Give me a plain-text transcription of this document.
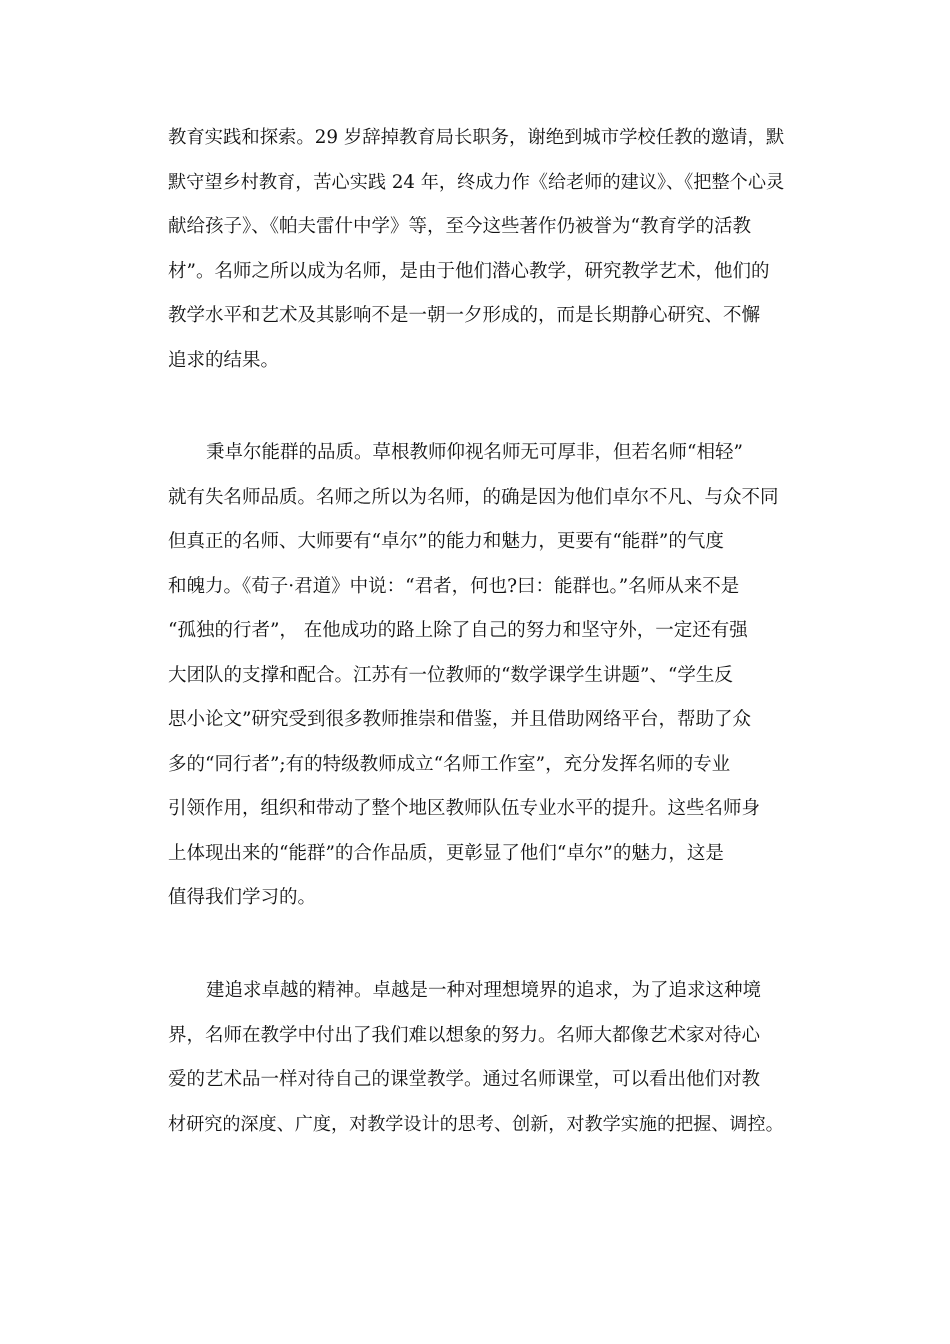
教育实践和探索。29 岁辞掉教育局长职务，谢绝到城市学校任教的邀请，默
默守望乡村教育，苦心实践 24 年，终成力作《给老师的建议》、《把整个心灵
献给孩子》、《帕夫雷什中学》等，至今这些著作仍被誉为“教育学的活教
材”。名师之所以成为名师，是由于他们潜心教学，研究教学艺术，他们的
教学水平和艺术及其影响不是一朝一夕形成的，而是长期静心研究、不懈
追求的结果。
秉卓尔能群的品质。草根教师仰视名师无可厚非，但若名师“相轻”
就有失名师品质。名师之所以为名师，的确是因为他们卓尔不凡、与众不同
但真正的名师、大师要有“卓尔”的能力和魅力，更要有“能群”的气度
和魄力。《荀子·君道》中说：“君者，何也?曰：能群也。”名师从来不是
“孤独的行者”， 在他成功的路上除了自己的努力和坚守外，一定还有强
大团队的支撑和配合。江苏有一位教师的“数学课学生讲题”、“学生反
思小论文”研究受到很多教师推崇和借鉴，并且借助网络平台，帮助了众
多的“同行者”;有的特级教师成立“名师工作室”，充分发挥名师的专业
引领作用，组织和带动了整个地区教师队伍专业水平的提升。这些名师身
上体现出来的“能群”的合作品质，更彰显了他们“卓尔”的魅力，这是
值得我们学习的。
建追求卓越的精神。卓越是一种对理想境界的追求，为了追求这种境
界，名师在教学中付出了我们难以想象的努力。名师大都像艺术家对待心
爱的艺术品一样对待自己的课堂教学。通过名师课堂，可以看出他们对教
材研究的深度、广度，对教学设计的思考、创新，对教学实施的把握、调控。
